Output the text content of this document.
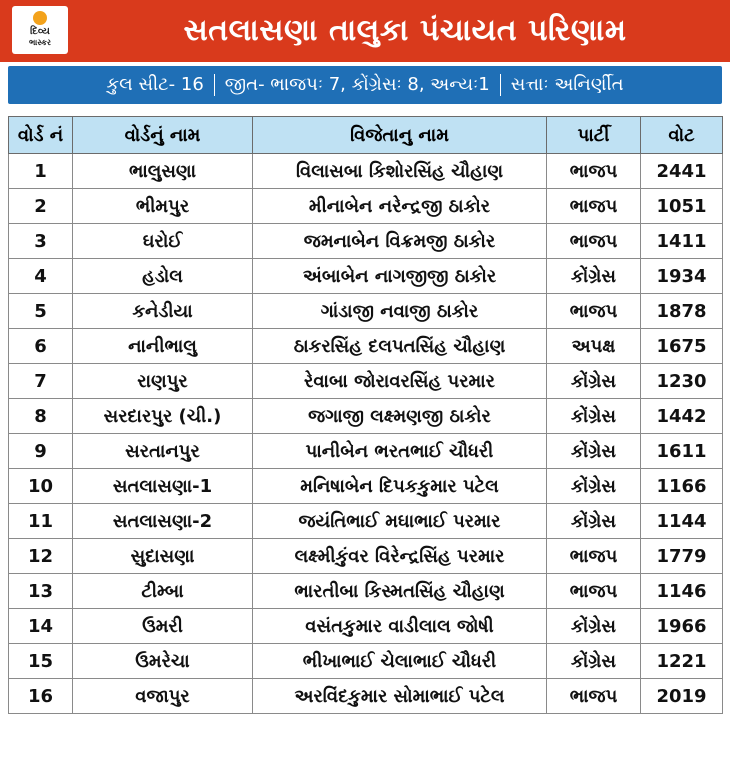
દિવ્ય
ભાસ્કર	સતલાસણા તાલુકા પંચાયત પરિણામ
કુલ સીટ- 16 જીત- ભાજપઃ 7, કોંગ્રેસઃ 8, અન્યઃ1 સત્તાઃ અનિર્ણીત
વોર્ડ નં	વોર્ડનું નામ	વિજેતાનુ નામ	પાર્ટી	વોટ
1	ભાલુસણા	વિલાસબા કિશોરસિંહ ચૌહાણ	ભાજપ	2441
2	ભીમપુર	મીનાબેન નરેન્દ્રજી ઠાકોર	ભાજપ	1051
3	ઘરોઈ	જમનાબેન વિક્રમજી ઠાકોર	ભાજપ	1411
4	હડોલ	અંબાબેન નાગજીજી ઠાકોર	કોંગ્રેસ	1934
5	કનેડીયા	ગાંડાજી નવાજી ઠાકોર	ભાજપ	1878
6	નાનીભાલુ	ઠાકરસિંહ દલપતસિંહ ચૌહાણ	અપક્ષ	1675
7	રાણપુર	રેવાબા જોરાવરસિંહ પરમાર	કોંગ્રેસ	1230
8	સરદારપુર (ચી.)	જગાજી લક્ષ્મણજી ઠાકોર	કોંગ્રેસ	1442
9	સરતાનપુર	પાનીબેન ભરતભાઈ ચૌધરી	કોંગ્રેસ	1611
10	સતલાસણા-1	મનિષાબેન દિપકકુમાર પટેલ	કોંગ્રેસ	1166
11	સતલાસણા-2	જયંતિભાઈ મઘાભાઈ પરમાર	કોંગ્રેસ	1144
12	સુદાસણા	લક્ષ્મીકુંવર વિરેન્દ્રસિંહ પરમાર	ભાજપ	1779
13	ટીમ્બા	ભારતીબા કિસ્મતસિંહ ચૌહાણ	ભાજપ	1146
14	ઉમરી	વસંતકુમાર વાડીલાલ જોષી	કોંગ્રેસ	1966
15	ઉમરેચા	ભીખાભાઈ ચેલાભાઈ ચૌધરી	કોંગ્રેસ	1221
16	વજાપુર	અરવિંદકુમાર સોમાભાઈ પટેલ	ભાજપ	2019
